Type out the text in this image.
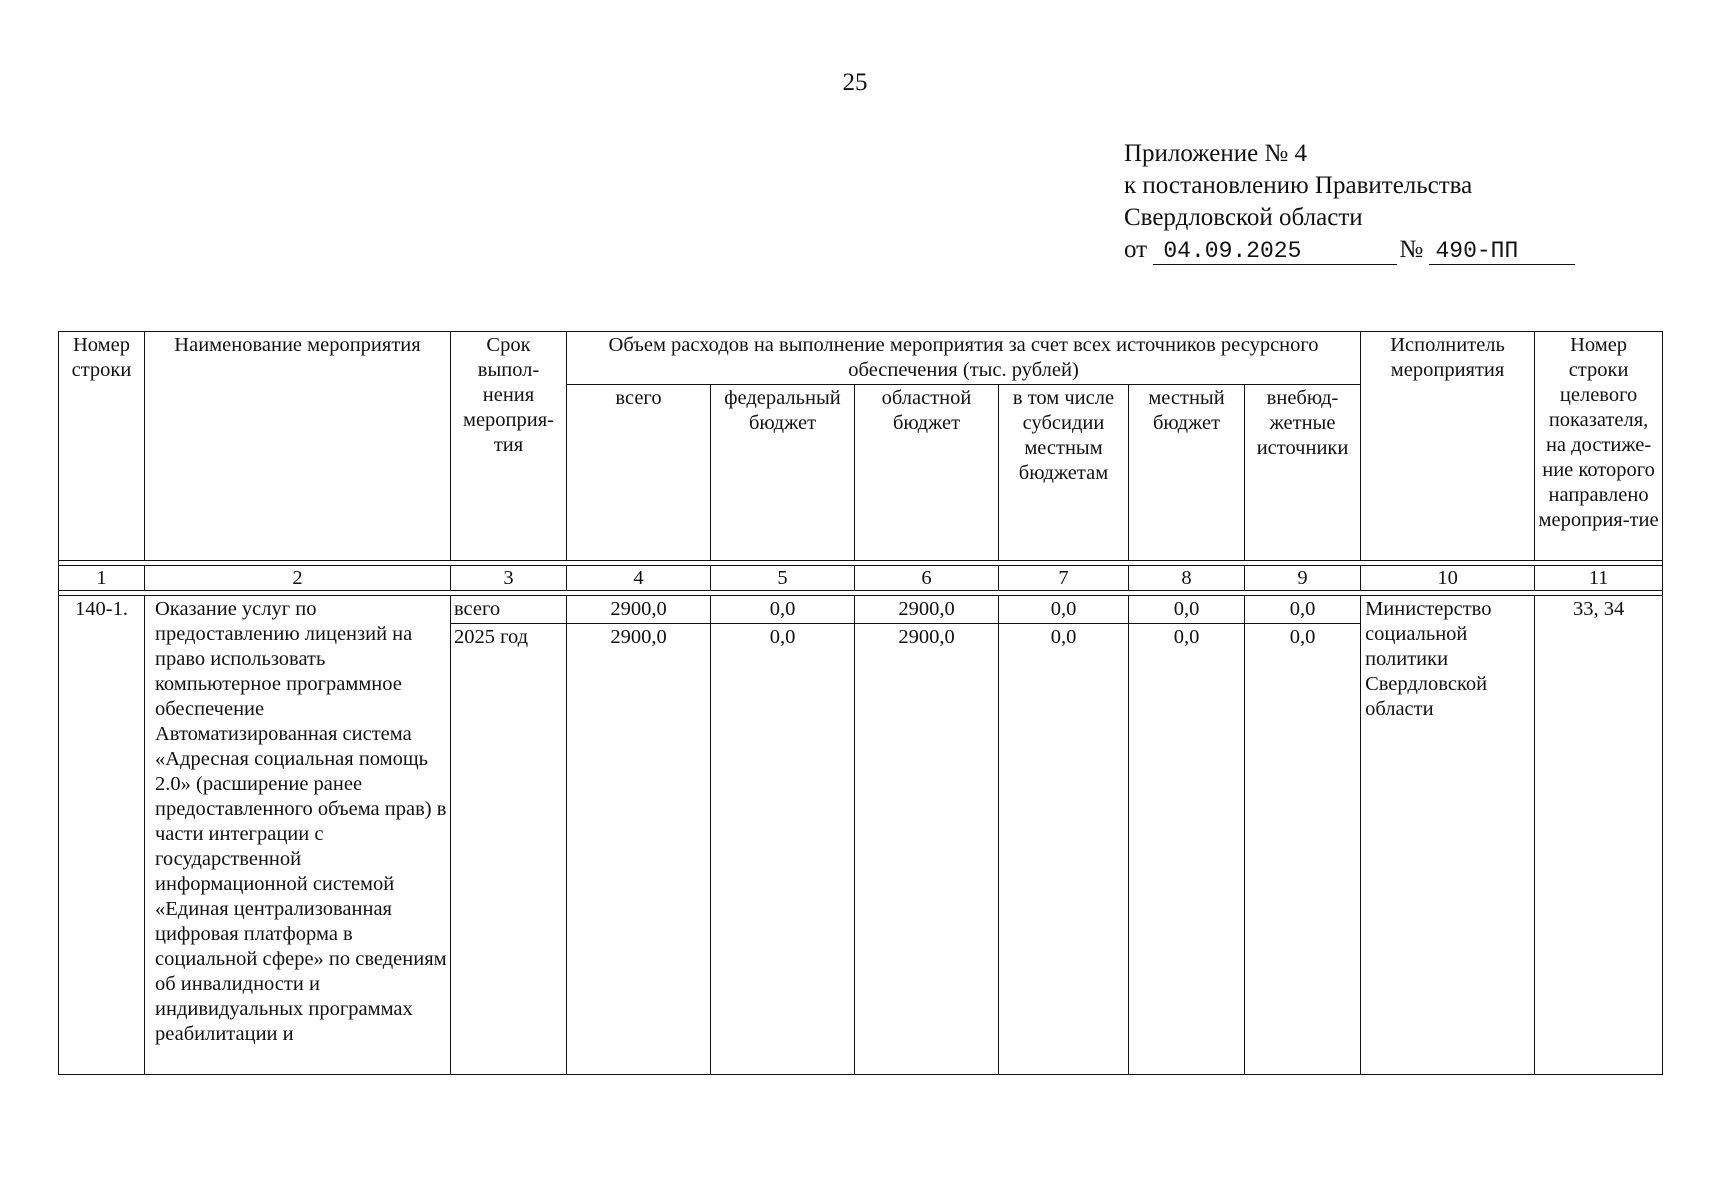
25
Приложение № 4
к постановлению Правительства
Свердловской области
от 04.09.2025	№ 490-ПП
Номер строки	Наименование мероприятия	Срок выпол-нения мероприя-тия	Объем расходов на выполнение мероприятия за счет всех источников ресурсного обеспечения (тыс. рублей)						Исполнитель мероприятия	Номер строки целевого показателя, на достиже-ние которого направлено мероприя-тие
			всего	федеральный бюджет	областной бюджет	в том числе субсидии местным бюджетам	местный бюджет	внебюд-жетные источники		

1	2	3	4	5	6	7	8	9	10	11

140-1.	Оказание услуг по предоставлению лицензий на право использовать компьютерное программное обеспечение Автоматизированная система «Адресная социальная помощь 2.0» (расширение ранее предоставленного объема прав) в части интеграции с государственной информационной системой «Единая централизованная цифровая платформа в социальной сфере» по сведениям об инвалидности и индивидуальных программах реабилитации и	всего	2900,0	0,0	2900,0	0,0	0,0	0,0	Министерство социальной политики Свердловской области	33, 34
		2025 год	2900,0	0,0	2900,0	0,0	0,0	0,0		
